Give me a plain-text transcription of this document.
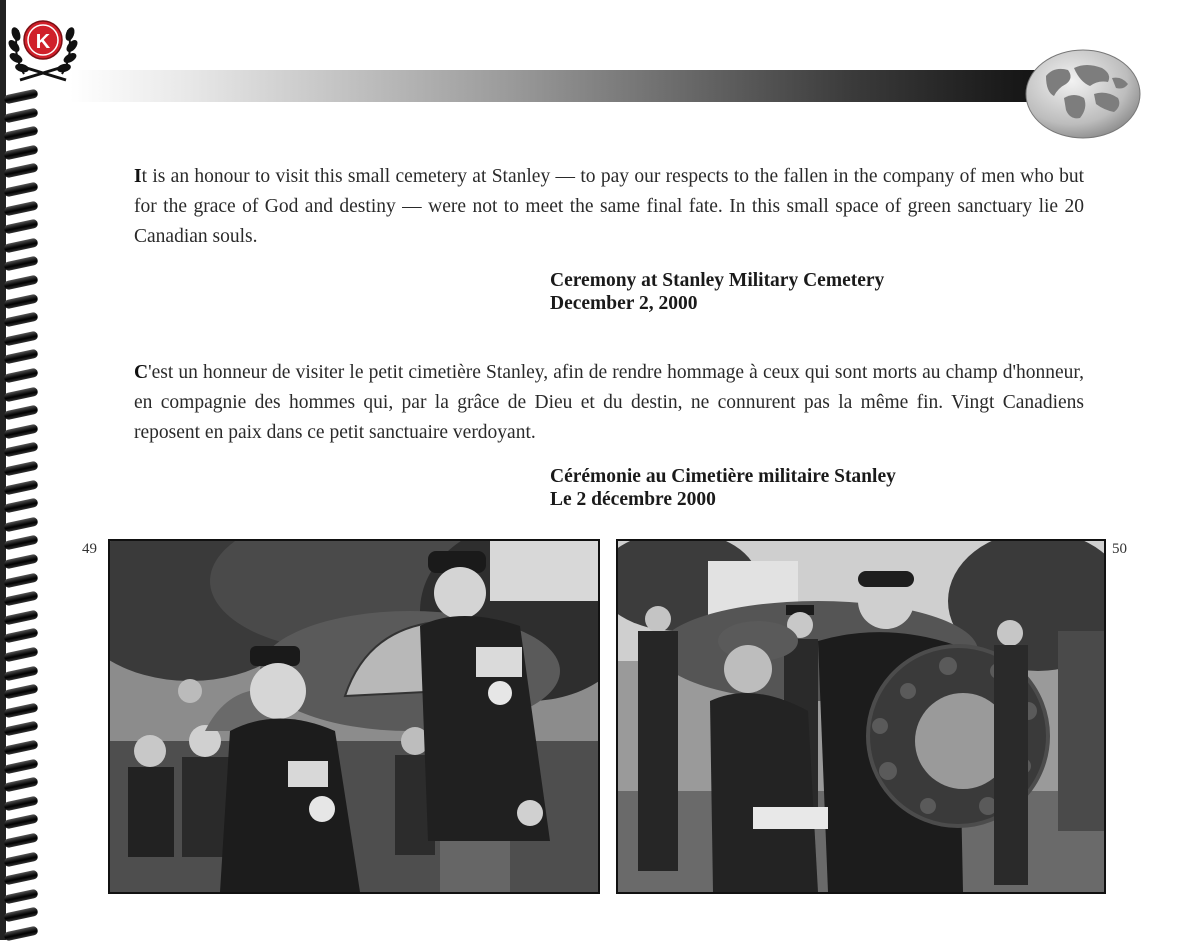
K
It is an honour to visit this small cemetery at Stanley — to pay our respects to the fallen in the company of men who but for the grace of God and destiny — were not to meet the same final fate. In this small space of green sanctuary lie 20 Canadian souls.
Ceremony at Stanley Military Cemetery
December 2, 2000
C'est un honneur de visiter le petit cimetière Stanley, afin de rendre hommage à ceux qui sont morts au champ d'honneur, en compagnie des hommes qui, par la grâce de Dieu et du destin, ne connurent pas la même fin. Vingt Canadiens reposent en paix dans ce petit sanctuaire verdoyant.
Cérémonie au Cimetière militaire Stanley
Le 2 décembre 2000
49	50
